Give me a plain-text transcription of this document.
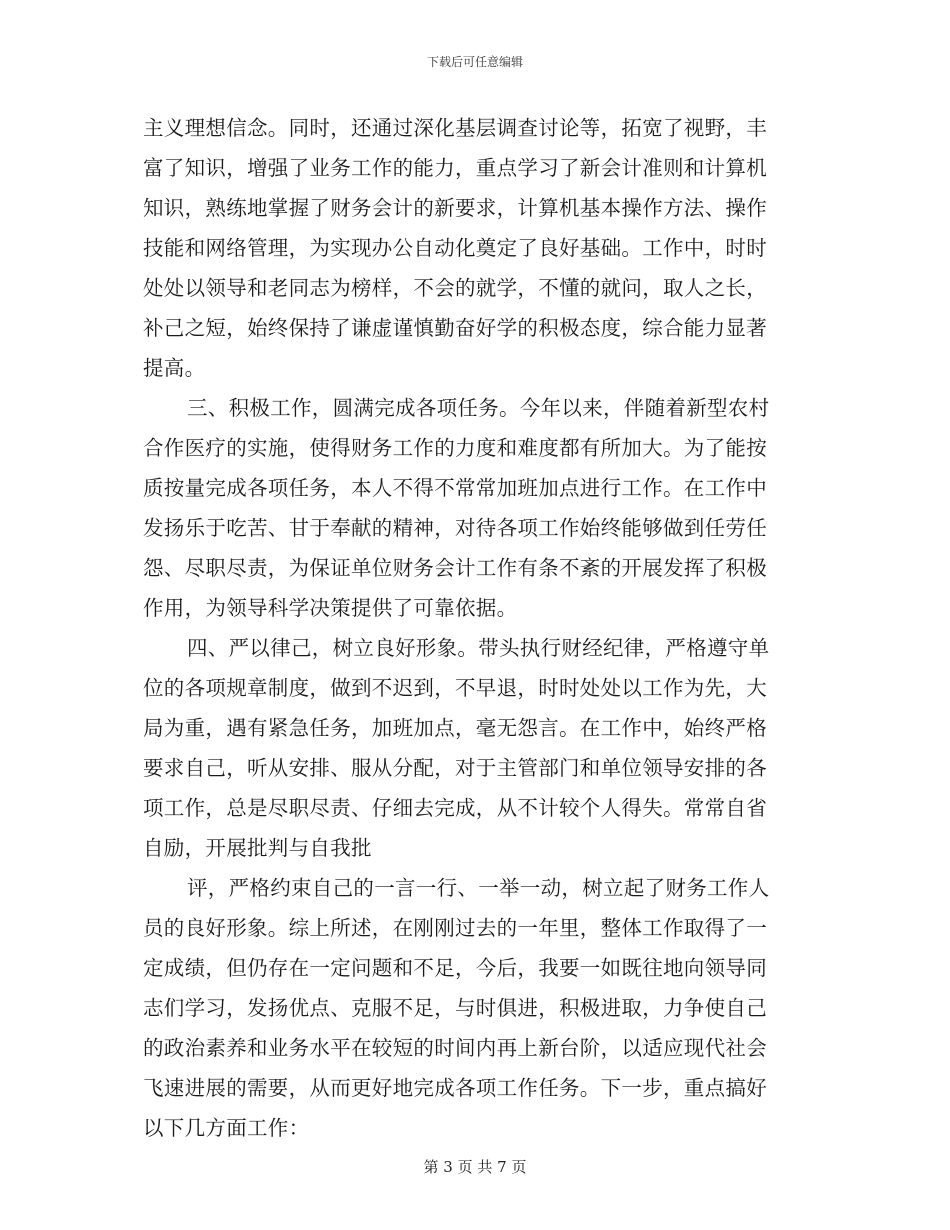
下载后可任意编辑
主义理想信念。同时，还通过深化基层调查讨论等，拓宽了视野，丰
富了知识，增强了业务工作的能力，重点学习了新会计准则和计算机
知识，熟练地掌握了财务会计的新要求，计算机基本操作方法、操作
技能和网络管理，为实现办公自动化奠定了良好基础。工作中，时时
处处以领导和老同志为榜样，不会的就学，不懂的就问，取人之长，
补己之短，始终保持了谦虚谨慎勤奋好学的积极态度，综合能力显著
提高。
三、积极工作，圆满完成各项任务。今年以来，伴随着新型农村
合作医疗的实施，使得财务工作的力度和难度都有所加大。为了能按
质按量完成各项任务，本人不得不常常加班加点进行工作。在工作中
发扬乐于吃苦、甘于奉献的精神，对待各项工作始终能够做到任劳任
怨、尽职尽责，为保证单位财务会计工作有条不紊的开展发挥了积极
作用，为领导科学决策提供了可靠依据。
四、严以律己，树立良好形象。带头执行财经纪律，严格遵守单
位的各项规章制度，做到不迟到，不早退，时时处处以工作为先，大
局为重，遇有紧急任务，加班加点，毫无怨言。在工作中，始终严格
要求自己，听从安排、服从分配，对于主管部门和单位领导安排的各
项工作，总是尽职尽责、仔细去完成，从不计较个人得失。常常自省
自励，开展批判与自我批
评，严格约束自己的一言一行、一举一动，树立起了财务工作人
员的良好形象。综上所述，在刚刚过去的一年里，整体工作取得了一
定成绩，但仍存在一定问题和不足，今后，我要一如既往地向领导同
志们学习，发扬优点、克服不足，与时俱进，积极进取，力争使自己
的政治素养和业务水平在较短的时间内再上新台阶，以适应现代社会
飞速进展的需要，从而更好地完成各项工作任务。下一步，重点搞好
以下几方面工作：
第 3 页 共 7 页
